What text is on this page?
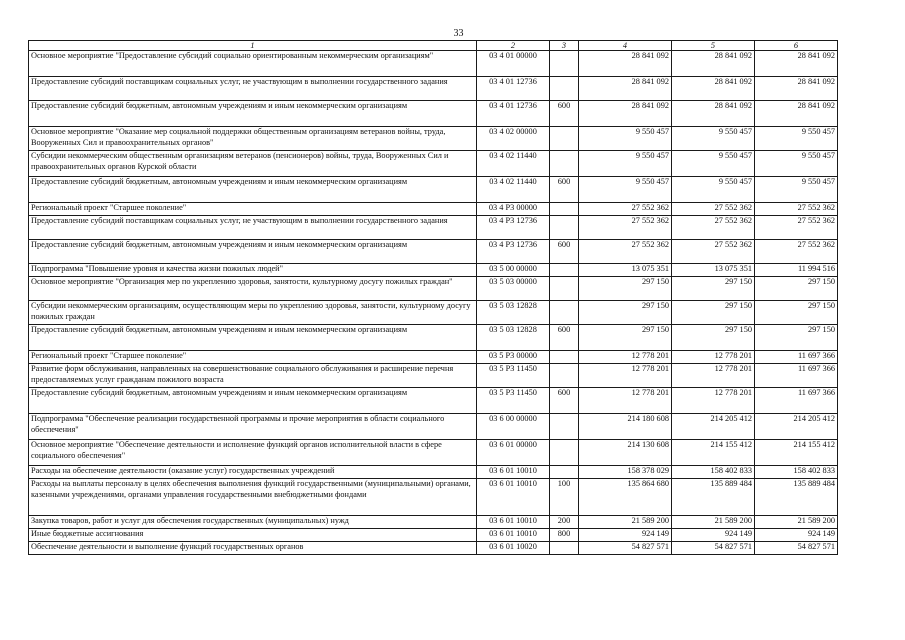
33
1	2	3	4	5	6
Основное мероприятие "Предоставление субсидий социально ориентированным некоммерческим организациям"	03 4 01 00000		28 841 092	28 841 092	28 841 092
Предоставление субсидий поставщикам социальных услуг, не участвующим в выполнении государственного задания	03 4 01 12736		28 841 092	28 841 092	28 841 092
Предоставление субсидий бюджетным, автономным учреждениям и иным некоммерческим организациям	03 4 01 12736	600	28 841 092	28 841 092	28 841 092
Основное мероприятие "Оказание мер социальной поддержки общественным организациям ветеранов войны, труда, Вооруженных Сил и правоохранительных органов"	03 4 02 00000		9 550 457	9 550 457	9 550 457
Субсидии некоммерческим общественным организациям ветеранов (пенсионеров) войны, труда, Вооруженных Сил и правоохранительных органов Курской области	03 4 02 11440		9 550 457	9 550 457	9 550 457
Предоставление субсидий бюджетным, автономным учреждениям и иным некоммерческим организациям	03 4 02 11440	600	9 550 457	9 550 457	9 550 457
Региональный проект "Старшее поколение"	03 4 P3 00000		27 552 362	27 552 362	27 552 362
Предоставление субсидий поставщикам социальных услуг, не участвующим в выполнении государственного задания	03 4 P3 12736		27 552 362	27 552 362	27 552 362
Предоставление субсидий бюджетным, автономным учреждениям и иным некоммерческим организациям	03 4 P3 12736	600	27 552 362	27 552 362	27 552 362
Подпрограмма "Повышение уровня и качества жизни пожилых людей"	03 5 00 00000		13 075 351	13 075 351	11 994 516
Основное мероприятие "Организация мер по укреплению здоровья, занятости, культурному досугу пожилых граждан"	03 5 03 00000		297 150	297 150	297 150
Субсидии некоммерческим организациям, осуществляющим меры по укреплению здоровья, занятости, культурному досугу пожилых граждан	03 5 03 12828		297 150	297 150	297 150
Предоставление субсидий бюджетным, автономным учреждениям и иным некоммерческим организациям	03 5 03 12828	600	297 150	297 150	297 150
Региональный проект "Старшее поколение"	03 5 P3 00000		12 778 201	12 778 201	11 697 366
Развитие форм обслуживания, направленных на совершенствование социального обслуживания и расширение перечня предоставляемых услуг гражданам пожилого возраста	03 5 P3 11450		12 778 201	12 778 201	11 697 366
Предоставление субсидий бюджетным, автономным учреждениям и иным некоммерческим организациям	03 5 P3 11450	600	12 778 201	12 778 201	11 697 366
Подпрограмма "Обеспечение реализации государственной программы и прочие мероприятия в области социального обеспечения"	03 6 00 00000		214 180 608	214 205 412	214 205 412
Основное мероприятие "Обеспечение деятельности и исполнение функций органов исполнительной власти в сфере социального обеспечения"	03 6 01 00000		214 130 608	214 155 412	214 155 412
Расходы на обеспечение деятельности (оказание услуг) государственных учреждений	03 6 01 10010		158 378 029	158 402 833	158 402 833
Расходы на выплаты персоналу в целях обеспечения выполнения функций государственными (муниципальными) органами, казенными учреждениями, органами управления государственными внебюджетными фондами	03 6 01 10010	100	135 864 680	135 889 484	135 889 484
Закупка товаров, работ и услуг для обеспечения государственных (муниципальных) нужд	03 6 01 10010	200	21 589 200	21 589 200	21 589 200
Иные бюджетные ассигнования	03 6 01 10010	800	924 149	924 149	924 149
Обеспечение деятельности и выполнение функций государственных органов	03 6 01 10020		54 827 571	54 827 571	54 827 571
